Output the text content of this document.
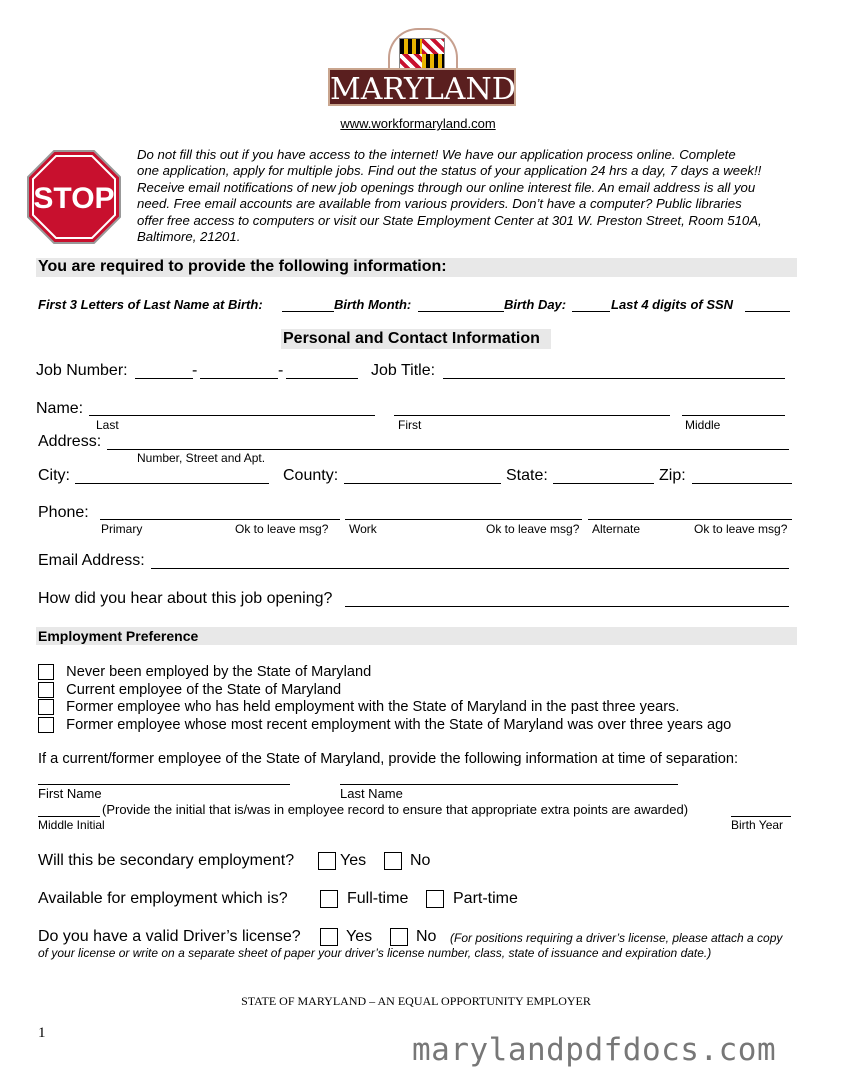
MARYLAND
www.workformaryland.com
STOP
Do not fill this out if you have access to the internet! We have our application process online. Complete
one application, apply for multiple jobs. Find out the status of your application 24 hrs a day, 7 days a week!!
Receive email notifications of new job openings through our online interest file. An email address is all you
need. Free email accounts are available from various providers. Don’t have a computer? Public libraries
offer free access to computers or visit our State Employment Center at 301 W. Preston Street, Room 510A,
Baltimore, 21201.
You are required to provide the following information:
First 3 Letters of Last Name at Birth:	Birth Month:	Birth Day:	Last 4 digits of SSN
Personal and Contact Information
Job Number:	-	-	Job Title:
Name:
Last	First	Middle
Address:
Number, Street and Apt.
City:	County:	State:	Zip:
Phone:
Primary	Ok to leave msg? Work	Ok to leave msg? Alternate	Ok to leave msg?
Email Address:
How did you hear about this job opening?
Employment Preference
Never been employed by the State of Maryland
Current employee of the State of Maryland
Former employee who has held employment with the State of Maryland in the past three years.
Former employee whose most recent employment with the State of Maryland was over three years ago
If a current/former employee of the State of Maryland, provide the following information at time of separation:
First Name	Last Name
(Provide the initial that is/was in employee record to ensure that appropriate extra points are awarded)
Middle Initial	Birth Year
Will this be secondary employment?	Yes	No
Available for employment which is?	Full-time	Part-time
Do you have a valid Driver’s license?	Yes	No (For positions requiring a driver’s license, please attach a copy
of your license or write on a separate sheet of paper your driver’s license number, class, state of issuance and expiration date.)
STATE OF MARYLAND – AN EQUAL OPPORTUNITY EMPLOYER
1	marylandpdfdocs.com
